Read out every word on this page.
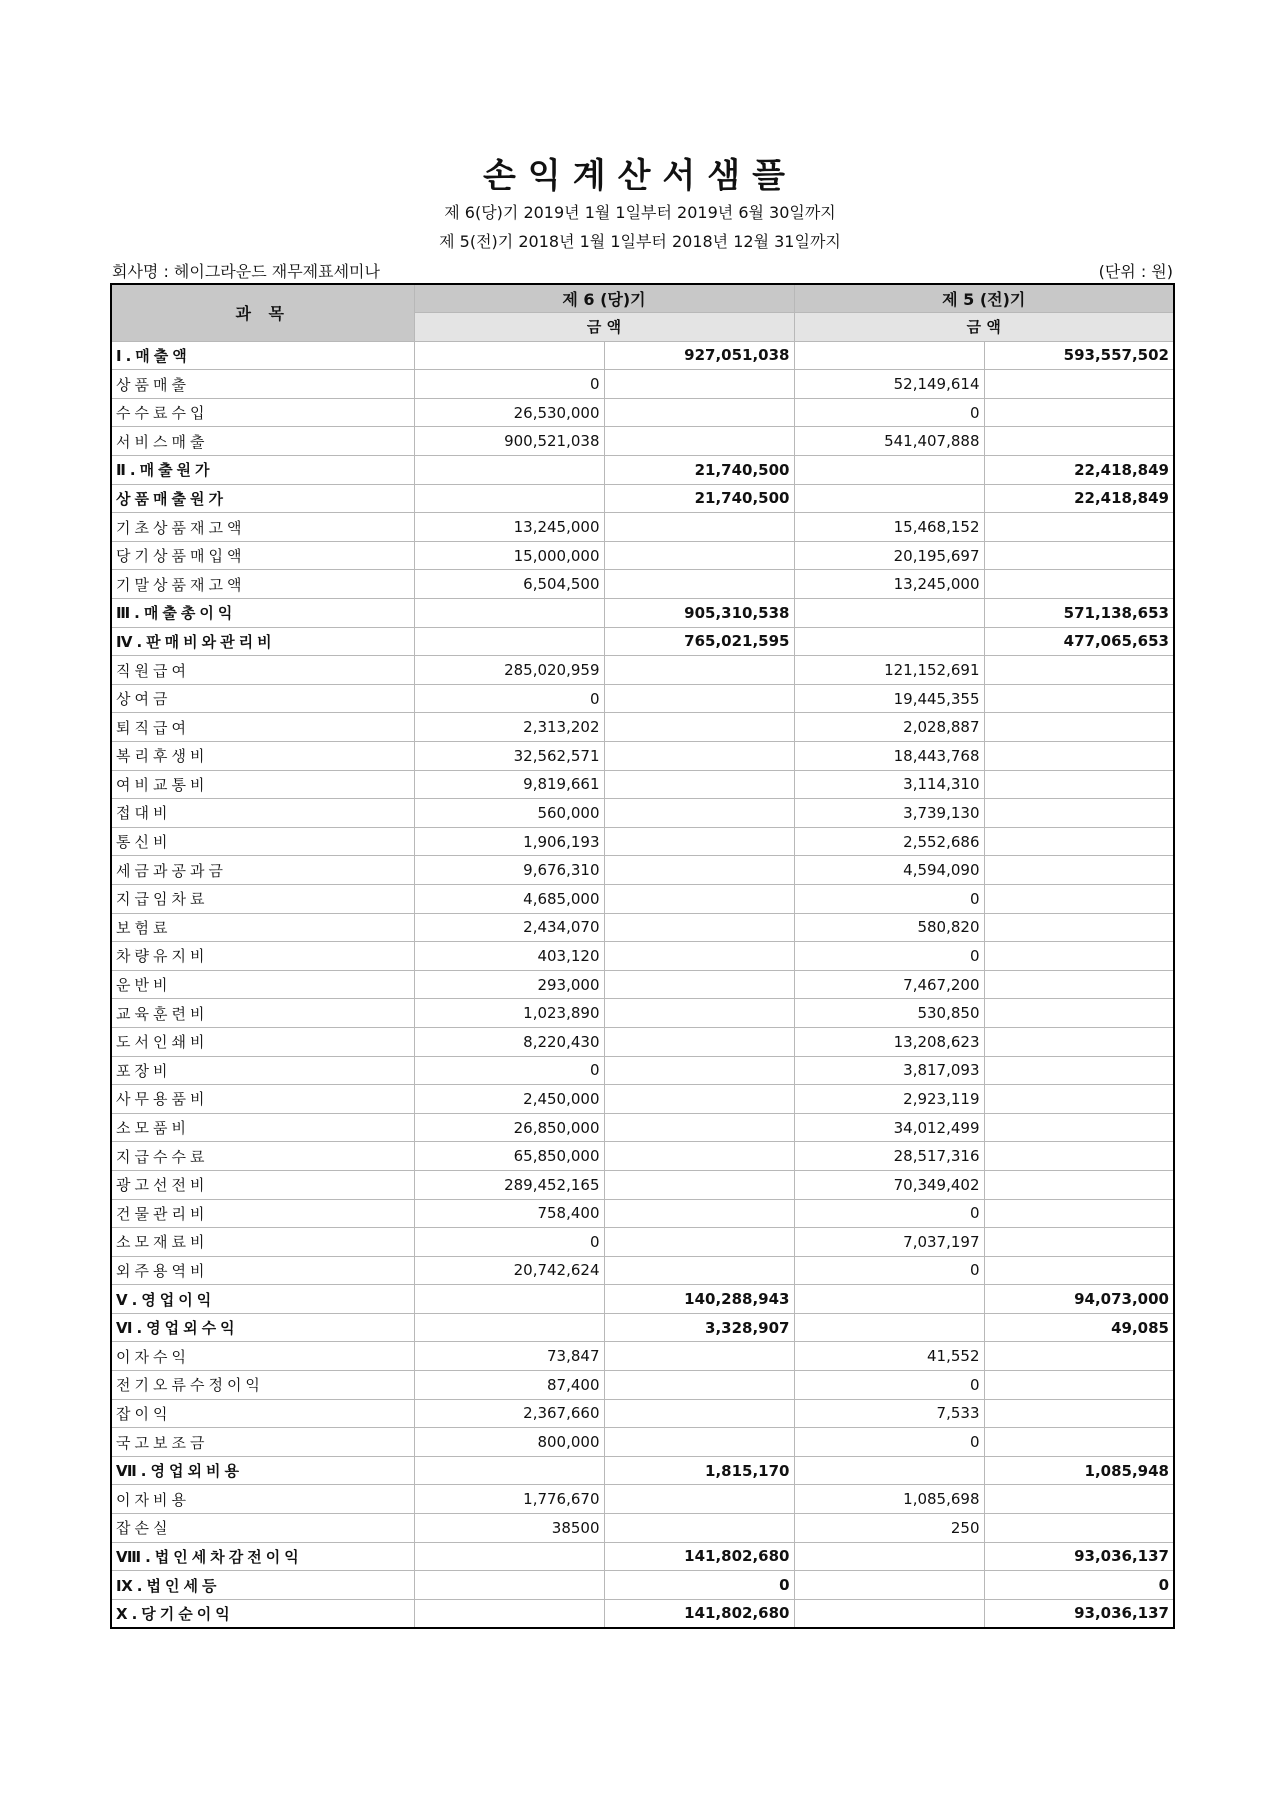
손익계산서샘플
제 6(당)기 2019년 1월 1일부터 2019년 6월 30일까지
제 5(전)기 2018년 1월 1일부터 2018년 12월 31일까지
회사명 : 헤이그라운드 재무제표세미나	(단위 : 원)
과 목	제 6 (당)기		제 5 (전)기	
	금 액		금 액	
Ⅰ.매출액		927,051,038		593,557,502
상품매출	0		52,149,614	
수수료수입	26,530,000		0	
서비스매출	900,521,038		541,407,888	
Ⅱ.매출원가		21,740,500		22,418,849
상품매출원가		21,740,500		22,418,849
기초상품재고액	13,245,000		15,468,152	
당기상품매입액	15,000,000		20,195,697	
기말상품재고액	6,504,500		13,245,000	
Ⅲ.매출총이익		905,310,538		571,138,653
Ⅳ.판매비와관리비		765,021,595		477,065,653
직원급여	285,020,959		121,152,691	
상여금	0		19,445,355	
퇴직급여	2,313,202		2,028,887	
복리후생비	32,562,571		18,443,768	
여비교통비	9,819,661		3,114,310	
접대비	560,000		3,739,130	
통신비	1,906,193		2,552,686	
세금과공과금	9,676,310		4,594,090	
지급임차료	4,685,000		0	
보험료	2,434,070		580,820	
차량유지비	403,120		0	
운반비	293,000		7,467,200	
교육훈련비	1,023,890		530,850	
도서인쇄비	8,220,430		13,208,623	
포장비	0		3,817,093	
사무용품비	2,450,000		2,923,119	
소모품비	26,850,000		34,012,499	
지급수수료	65,850,000		28,517,316	
광고선전비	289,452,165		70,349,402	
건물관리비	758,400		0	
소모재료비	0		7,037,197	
외주용역비	20,742,624		0	
Ⅴ.영업이익		140,288,943		94,073,000
Ⅵ.영업외수익		3,328,907		49,085
이자수익	73,847		41,552	
전기오류수정이익	87,400		0	
잡이익	2,367,660		7,533	
국고보조금	800,000		0	
Ⅶ.영업외비용		1,815,170		1,085,948
이자비용	1,776,670		1,085,698	
잡손실	38500		250	
Ⅷ.법인세차감전이익		141,802,680		93,036,137
Ⅸ.법인세등		0		0
Ⅹ.당기순이익		141,802,680		93,036,137
